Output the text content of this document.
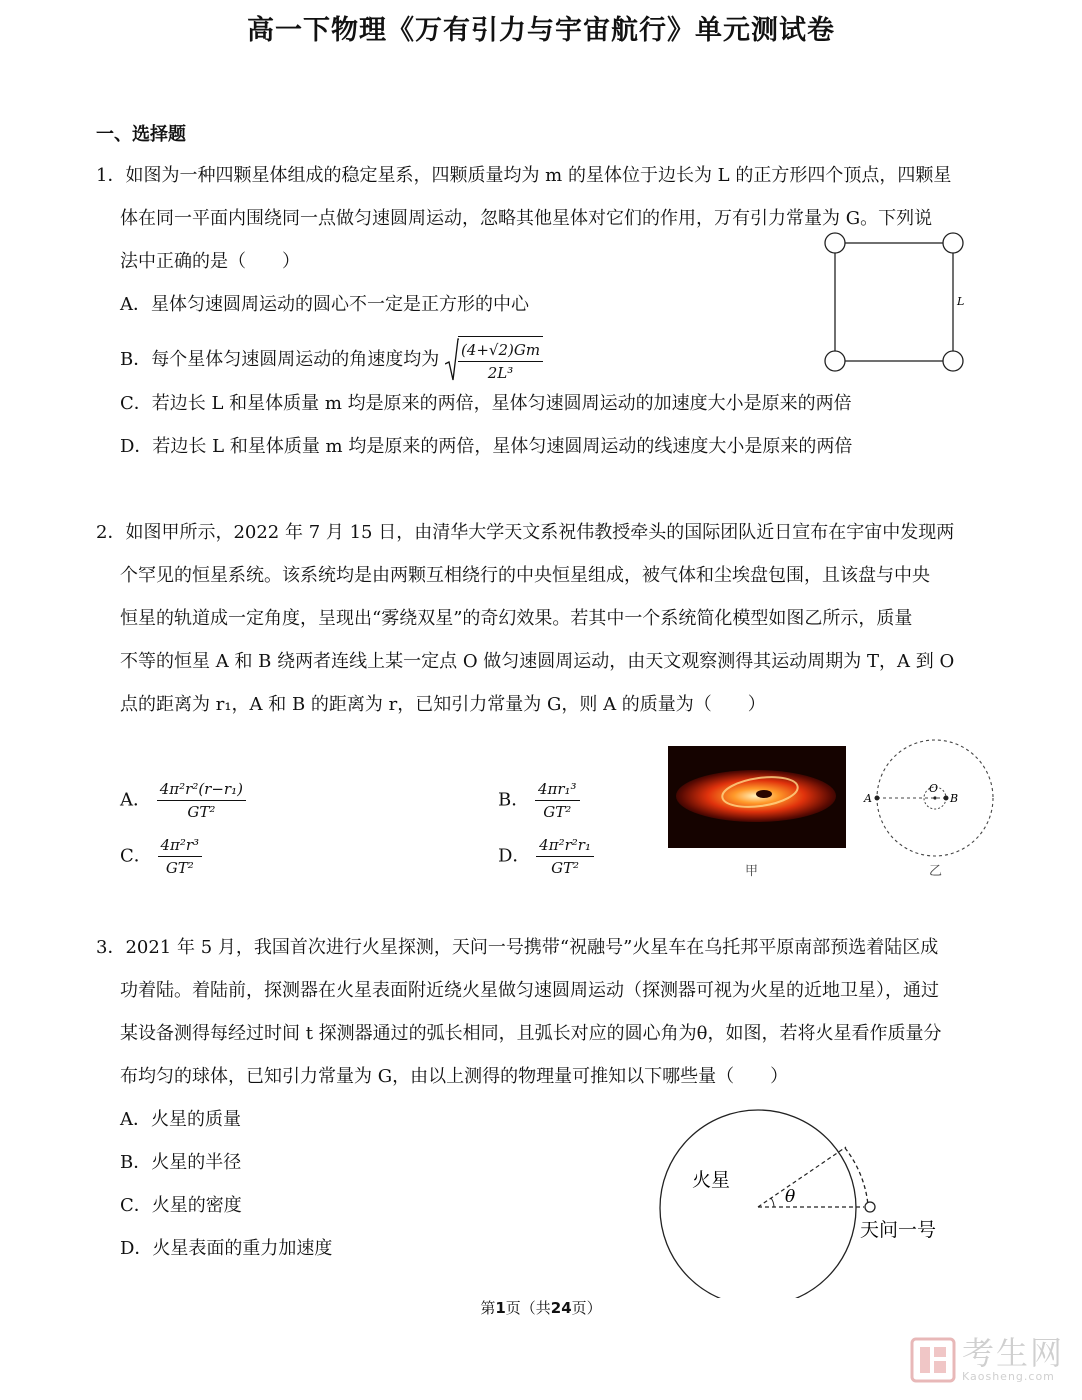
高一下物理《万有引力与宇宙航行》单元测试卷
一、选择题
1．如图为一种四颗星体组成的稳定星系，四颗质量均为 m 的星体位于边长为 L 的正方形四个顶点，四颗星
体在同一平面内围绕同一点做匀速圆周运动，忽略其他星体对它们的作用，万有引力常量为 G。下列说
法中正确的是（　　）
A．星体匀速圆周运动的圆心不一定是正方形的中心
B．每个星体匀速圆周运动的角速度均为 $\frac{(4+√2)Gm}{\text{2L³}}$
C．若边长 L 和星体质量 m 均是原来的两倍，星体匀速圆周运动的加速度大小是原来的两倍
D．若边长 L 和星体质量 m 均是原来的两倍，星体匀速圆周运动的线速度大小是原来的两倍
L
2．如图甲所示，2022 年 7 月 15 日，由清华大学天文系祝伟教授牵头的国际团队近日宣布在宇宙中发现两
个罕见的恒星系统。该系统均是由两颗互相绕行的中央恒星组成，被气体和尘埃盘包围，且该盘与中央
恒星的轨道成一定角度，呈现出“雾绕双星”的奇幻效果。若其中一个系统简化模型如图乙所示，质量
不等的恒星 A 和 B 绕两者连线上某一定点 O 做匀速圆周运动，由天文观察测得其运动周期为 T，A 到 O
点的距离为 r₁，A 和 B 的距离为 r，已知引力常量为 G，则 A 的质量为（　　）
A． $\frac{\text{4π²r²(r−r₁)}}{\text{GT²}}$	B． $\frac{\text{4πr₁³}}{\text{GT²}}$
C． $\frac{\text{4π²r³}}{\text{GT²}}$	D． $\frac{\text{4π²r²r₁}}{\text{GT²}}$	甲
A
O
B
乙
3．2021 年 5 月，我国首次进行火星探测，天问一号携带“祝融号”火星车在乌托邦平原南部预选着陆区成
功着陆。着陆前，探测器在火星表面附近绕火星做匀速圆周运动（探测器可视为火星的近地卫星），通过
某设备测得每经过时间 t 探测器通过的弧长相同，且弧长对应的圆心角为θ，如图，若将火星看作质量分
布均匀的球体，已知引力常量为 G，由以上测得的物理量可推知以下哪些量（　　）
A．火星的质量
B．火星的半径
C．火星的密度
D．火星表面的重力加速度
火星
θ
天问一号
第1页（共24页）
考生网
Kaosheng.com
